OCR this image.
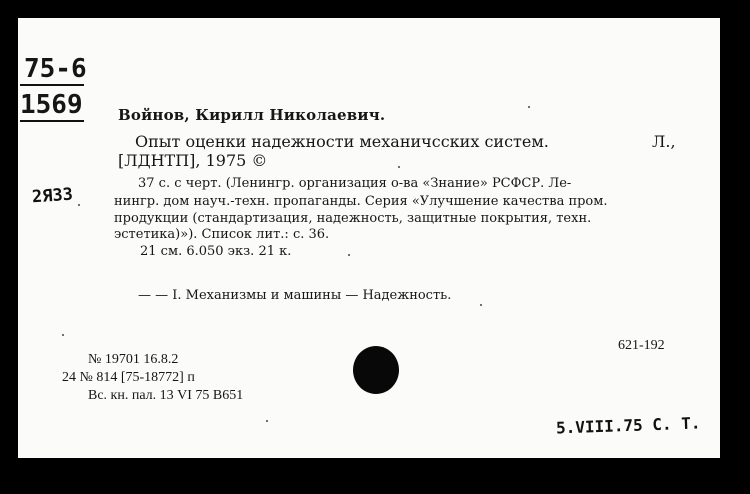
75-6
1569
2ЯЗЗ
Войнов, Кирилл Николаевич.
Опыт оценки надежности механичсских систем.	Л.,
[ЛДНТП], 1975 ©
37 с. с черт. (Ленингр. организация о-ва «Знание» РСФСР. Ле-
нингр. дом науч.-техн. пропаганды. Серия «Улучшение качества пром.
продукции (стандартизация, надежность, защитные покрытия, техн.
эстетика)»). Список лит.: с. 36.
21 см. 6.050 экз. 21 к.
— — I. Механизмы и машины — Надежность.
621-192
№ 19701 16.8.2
24 № 814 [75-18772] п
Вс. кн. пал. 13 VI 75 В651
5.VIII.75 С. Т.
